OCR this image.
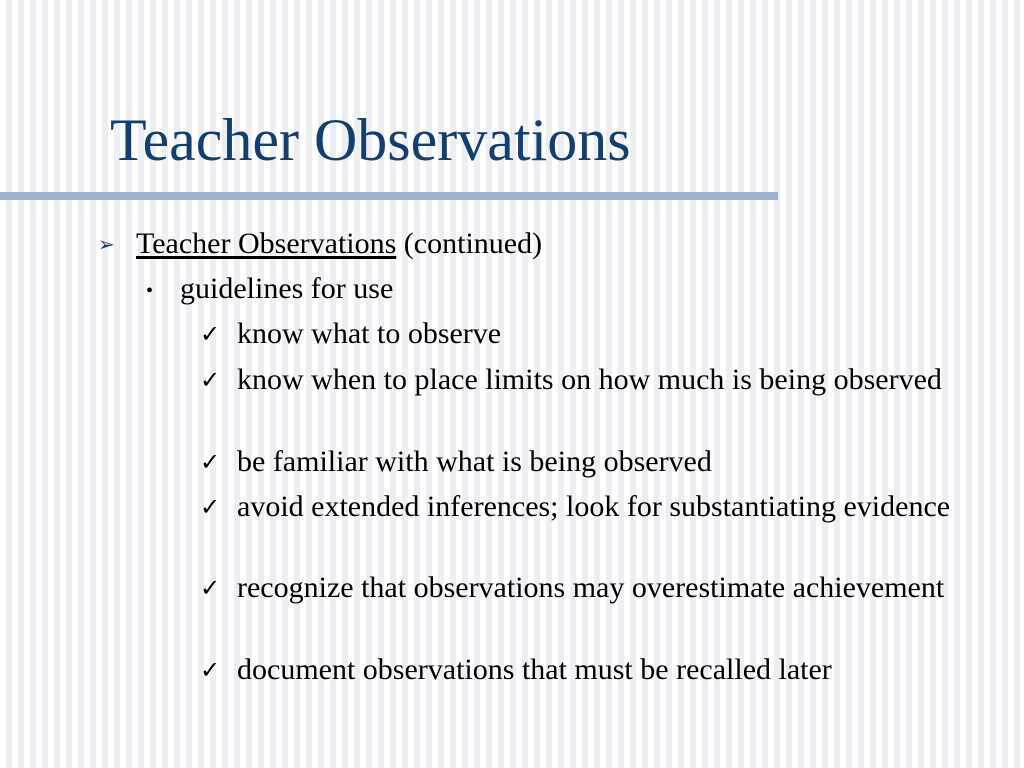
Teacher Observations
➢ Teacher Observations (continued)
• guidelines for use
✓ know what to observe
✓ know when to place limits on how much is being observed
✓ be familiar with what is being observed
✓ avoid extended inferences; look for substantiating evidence
✓ recognize that observations may overestimate achievement
✓ document observations that must be recalled later
